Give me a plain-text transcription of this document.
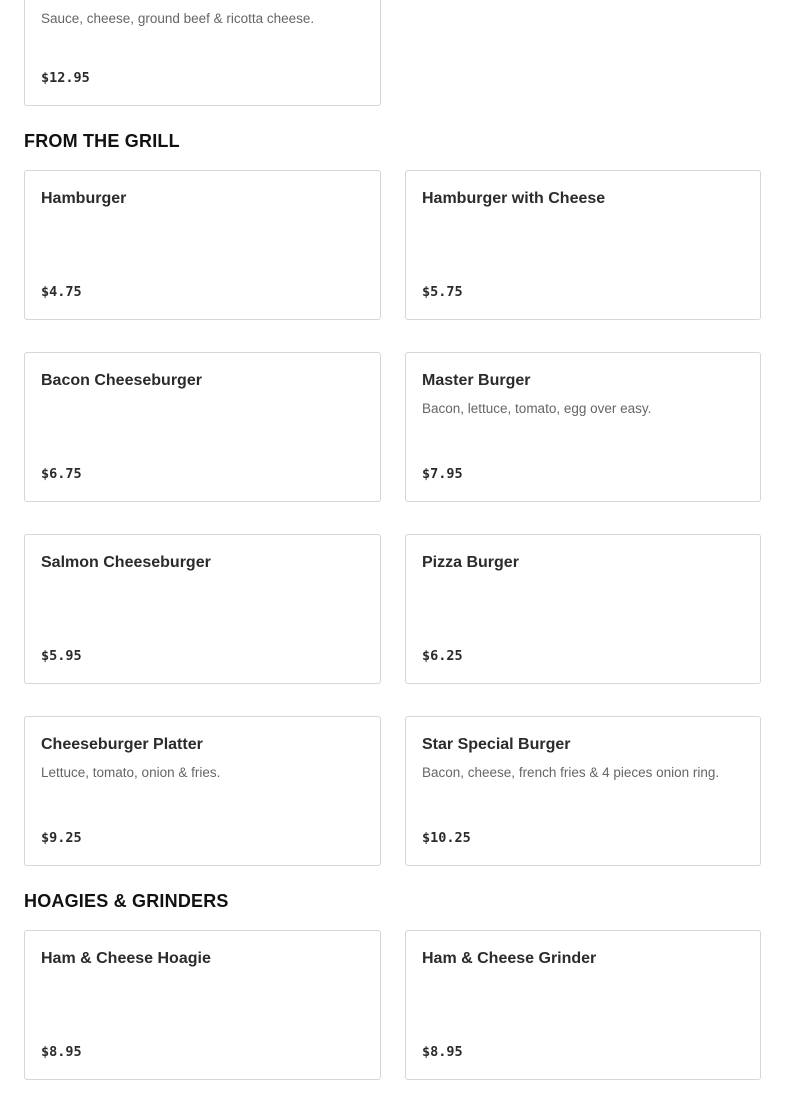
Sauce, cheese, ground beef & ricotta cheese.
$12.95
FROM THE GRILL
Hamburger
$4.75
Hamburger with Cheese
$5.75
Bacon Cheeseburger
$6.75
Master Burger
Bacon, lettuce, tomato, egg over easy.
$7.95
Salmon Cheeseburger
$5.95
Pizza Burger
$6.25
Cheeseburger Platter
Lettuce, tomato, onion & fries.
$9.25
Star Special Burger
Bacon, cheese, french fries & 4 pieces onion ring.
$10.25
HOAGIES & GRINDERS
Ham & Cheese Hoagie
$8.95
Ham & Cheese Grinder
$8.95
